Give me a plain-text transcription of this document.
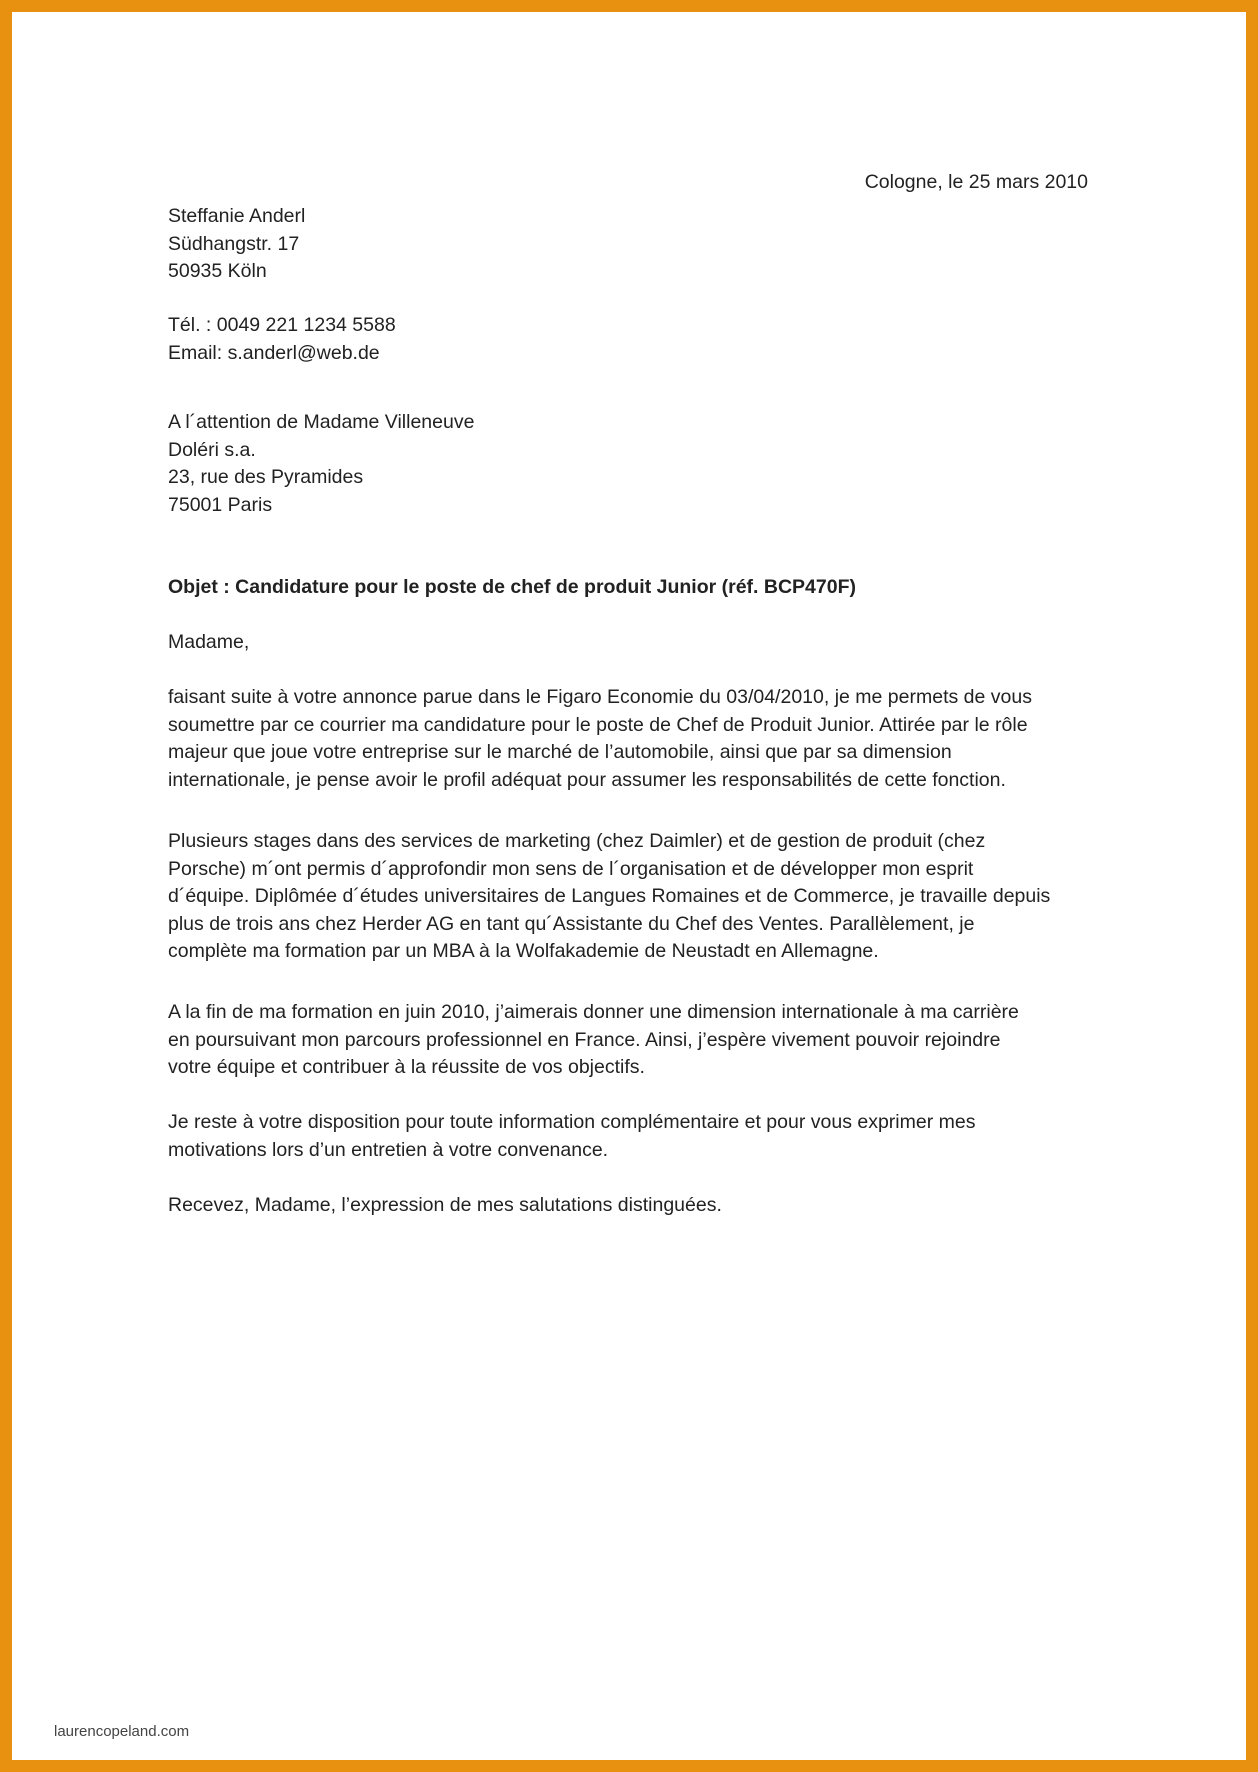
Cologne, le 25 mars 2010
Steffanie Anderl
Südhangstr. 17
50935 Köln
Tél. : 0049 221 1234 5588
Email: s.anderl@web.de
A l´attention de Madame Villeneuve
Doléri s.a.
23, rue des Pyramides
75001 Paris
Objet : Candidature pour le poste de chef de produit Junior (réf. BCP470F)
Madame,
faisant suite à votre annonce parue dans le Figaro Economie du 03/04/2010, je me permets de vous
soumettre par ce courrier ma candidature pour le poste de Chef de Produit Junior. Attirée par le rôle
majeur que joue votre entreprise sur le marché de l’automobile, ainsi que par sa dimension
internationale, je pense avoir le profil adéquat pour assumer les responsabilités de cette fonction.
Plusieurs stages dans des services de marketing (chez Daimler) et de gestion de produit (chez
Porsche) m´ont permis d´approfondir mon sens de l´organisation et de développer mon esprit
d´équipe. Diplômée d´études universitaires de Langues Romaines et de Commerce, je travaille depuis
plus de trois ans chez Herder AG en tant qu´Assistante du Chef des Ventes. Parallèlement, je
complète ma formation par un MBA à la Wolfakademie de Neustadt en Allemagne.
A la fin de ma formation en juin 2010, j’aimerais donner une dimension internationale à ma carrière
en poursuivant mon parcours professionnel en France. Ainsi, j’espère vivement pouvoir rejoindre
votre équipe et contribuer à la réussite de vos objectifs.
Je reste à votre disposition pour toute information complémentaire et pour vous exprimer mes
motivations lors d’un entretien à votre convenance.
Recevez, Madame, l’expression de mes salutations distinguées.
laurencopeland.com
